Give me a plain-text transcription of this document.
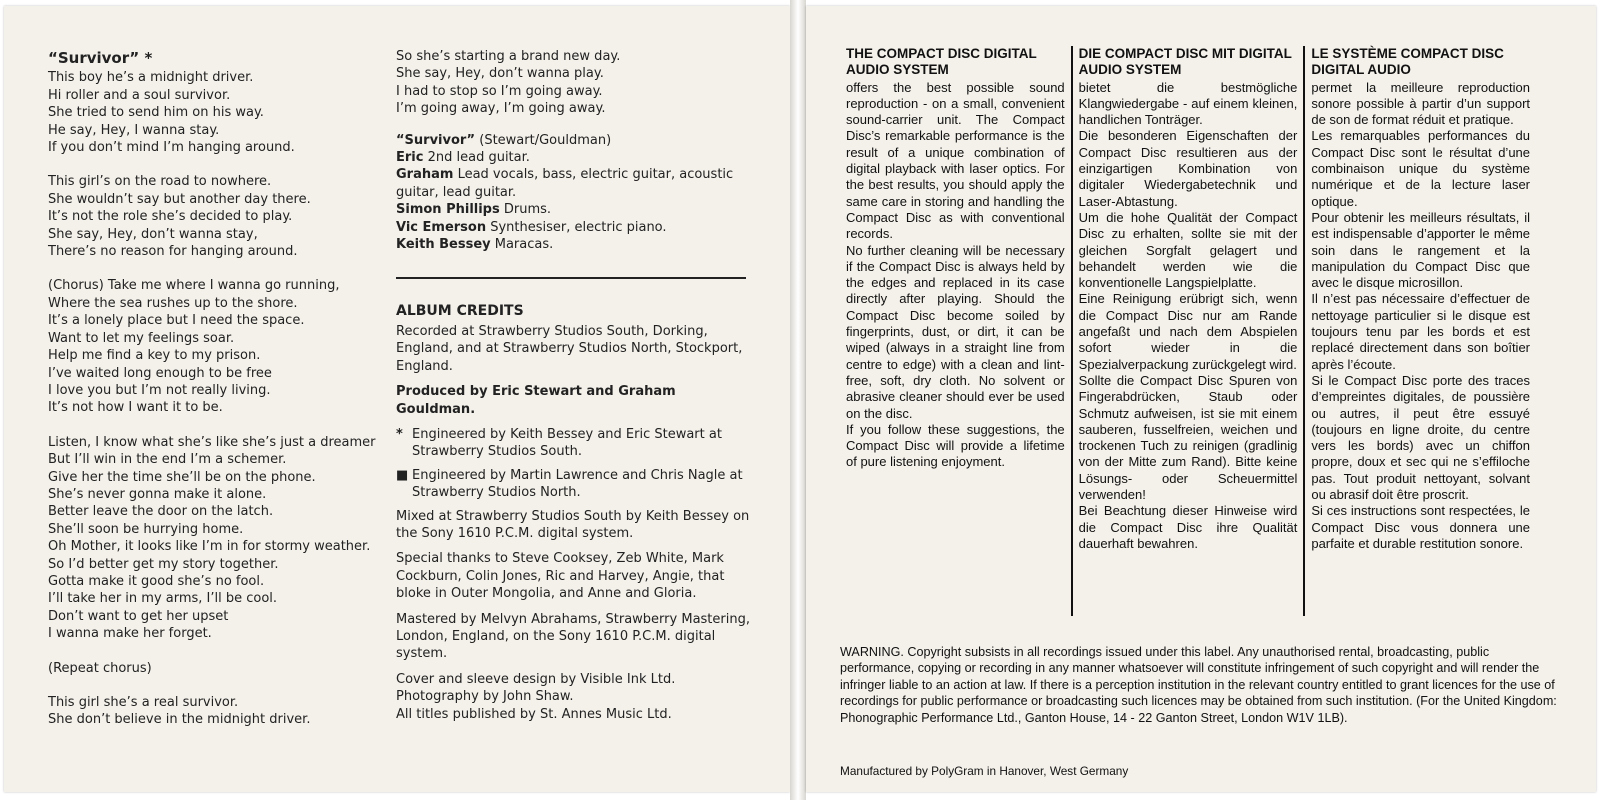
“Survivor” *
This boy he’s a midnight driver.
Hi roller and a soul survivor.
She tried to send him on his way.
He say, Hey, I wanna stay.
If you don’t mind I’m hanging around.
This girl’s on the road to nowhere.
She wouldn’t say but another day there.
It’s not the role she’s decided to play.
She say, Hey, don’t wanna stay,
There’s no reason for hanging around.
(Chorus) Take me where I wanna go running,
Where the sea rushes up to the shore.
It’s a lonely place but I need the space.
Want to let my feelings soar.
Help me find a key to my prison.
I’ve waited long enough to be free
I love you but I’m not really living.
It’s not how I want it to be.
Listen, I know what she’s like she’s just a dreamer
But I’ll win in the end I’m a schemer.
Give her the time she’ll be on the phone.
She’s never gonna make it alone.
Better leave the door on the latch.
She’ll soon be hurrying home.
Oh Mother, it looks like I’m in for stormy weather.
So I’d better get my story together.
Gotta make it good she’s no fool.
I’ll take her in my arms, I’ll be cool.
Don’t want to get her upset
I wanna make her forget.
(Repeat chorus)
This girl she’s a real survivor.
She don’t believe in the midnight driver.
So she’s starting a brand new day.
She say, Hey, don’t wanna play.
I had to stop so I’m going away.
I’m going away, I’m going away.
“Survivor” (Stewart/Gouldman)
Eric 2nd lead guitar.
Graham Lead vocals, bass, electric guitar, acoustic guitar, lead guitar.
Simon Phillips Drums.
Vic Emerson Synthesiser, electric piano.
Keith Bessey Maracas.
ALBUM CREDITS
Recorded at Strawberry Studios South, Dorking, England, and at Strawberry Studios North, Stockport, England.
Produced by Eric Stewart and Graham Gouldman.
* Engineered by Keith Bessey and Eric Stewart at Strawberry Studios South.
■ Engineered by Martin Lawrence and Chris Nagle at Strawberry Studios North.
Mixed at Strawberry Studios South by Keith Bessey on the Sony 1610 P.C.M. digital system.
Special thanks to Steve Cooksey, Zeb White, Mark Cockburn, Colin Jones, Ric and Harvey, Angie, that bloke in Outer Mongolia, and Anne and Gloria.
Mastered by Melvyn Abrahams, Strawberry Mastering, London, England, on the Sony 1610 P.C.M. digital system.
Cover and sleeve design by Visible Ink Ltd.
Photography by John Shaw.
All titles published by St. Annes Music Ltd.
THE COMPACT DISC DIGITAL AUDIO SYSTEM

offers the best possible sound reproduction - on a small, convenient sound-carrier unit. The Compact Disc’s remarkable performance is the result of a unique combination of digital playback with laser optics. For the best results, you should apply the same care in storing and handling the Compact Disc as with conventional records.

No further cleaning will be necessary if the Compact Disc is always held by the edges and replaced in its case directly after playing. Should the Compact Disc become soiled by fingerprints, dust, or dirt, it can be wiped (always in a straight line from centre to edge) with a clean and lint-free, soft, dry cloth. No solvent or abrasive cleaner should ever be used on the disc.

If you follow these suggestions, the Compact Disc will provide a lifetime of pure listening enjoyment.

DIE COMPACT DISC MIT DIGITAL AUDIO SYSTEM

bietet die bestmögliche Klangwiedergabe - auf einem kleinen, handlichen Tonträger.

Die besonderen Eigenschaften der Compact Disc resultieren aus der einzigartigen Kombination von digitaler Wiedergabetechnik und Laser-Abtastung.

Um die hohe Qualität der Compact Disc zu erhalten, sollte sie mit der gleichen Sorgfalt gelagert und behandelt werden wie die konventionelle Langspielplatte.

Eine Reinigung erübrigt sich, wenn die Compact Disc nur am Rande angefaßt und nach dem Abspielen sofort wieder in die Spezialverpackung zurückgelegt wird.

Sollte die Compact Disc Spuren von Fingerabdrücken, Staub oder Schmutz aufweisen, ist sie mit einem sauberen, fusselfreien, weichen und trockenen Tuch zu reinigen (gradlinig von der Mitte zum Rand). Bitte keine Lösungs- oder Scheuermittel verwenden!

Bei Beachtung dieser Hinweise wird die Compact Disc ihre Qualität dauerhaft bewahren.

LE SYSTÈME COMPACT DISC DIGITAL AUDIO

permet la meilleure reproduction sonore possible à partir d’un support de son de format réduit et pratique.

Les remarquables performances du Compact Disc sont le résultat d’une combinaison unique du système numérique et de la lecture laser optique.

Pour obtenir les meilleurs résultats, il est indispensable d’apporter le même soin dans le rangement et la manipulation du Compact Disc que avec le disque microsillon.

Il n’est pas nécessaire d’effectuer de nettoyage particulier si le disque est toujours tenu par les bords et est replacé directement dans son boîtier après l’écoute.

Si le Compact Disc porte des traces d’empreintes digitales, de poussière ou autres, il peut être essuyé (toujours en ligne droite, du centre vers les bords) avec un chiffon propre, doux et sec qui ne s’effiloche pas. Tout produit nettoyant, solvant ou abrasif doit être proscrit.

Si ces instructions sont respectées, le Compact Disc vous donnera une parfaite et durable restitution sonore.

WARNING. Copyright subsists in all recordings issued under this label. Any unauthorised rental, broadcasting, public performance, copying or recording in any manner whatsoever will constitute infringement of such copyright and will render the infringer liable to an action at law. If there is a perception institution in the relevant country entitled to grant licences for the use of recordings for public performance or broadcasting such licences may be obtained from such institution. (For the United Kingdom: Phonographic Performance Ltd., Ganton House, 14 - 22 Ganton Street, London W1V 1LB).
Manufactured by PolyGram in Hanover, West Germany
